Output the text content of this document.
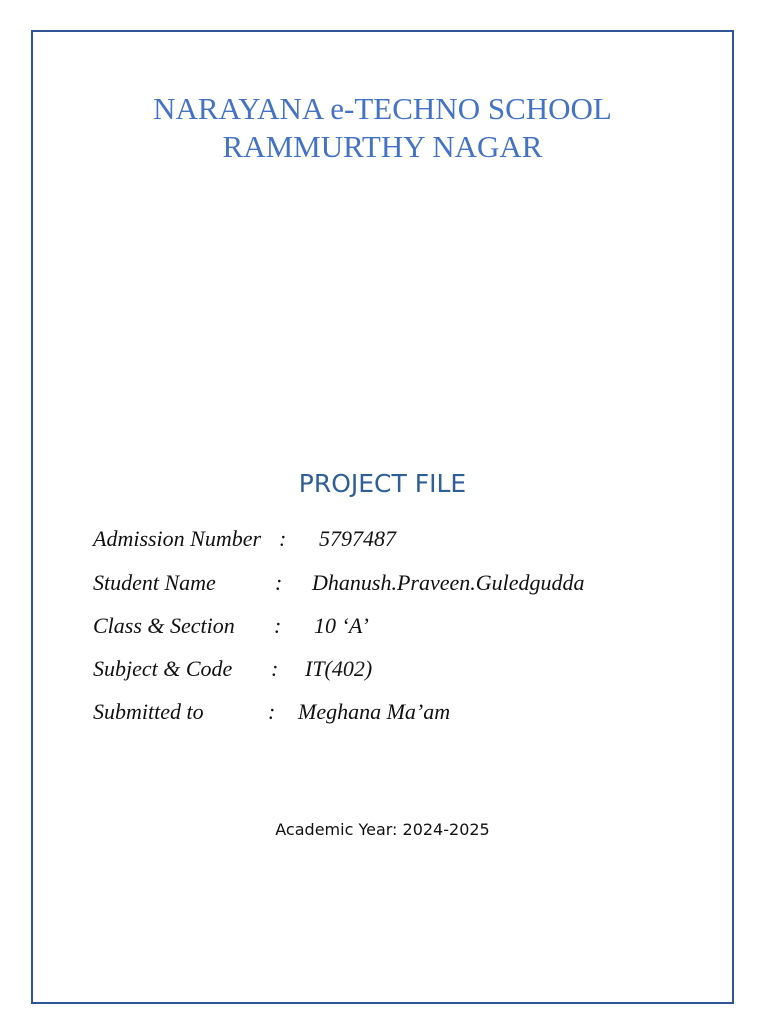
NARAYANA e-TECHNO SCHOOL
RAMMURTHY NAGAR
PROJECT FILE
Admission Number : 5797487
Student Name	: Dhanush.Praveen.Guledgudda
Class & Section : 10 ‘A’
Subject & Code : IT(402)
Submitted to	: Meghana Ma’am
Academic Year: 2024-2025
